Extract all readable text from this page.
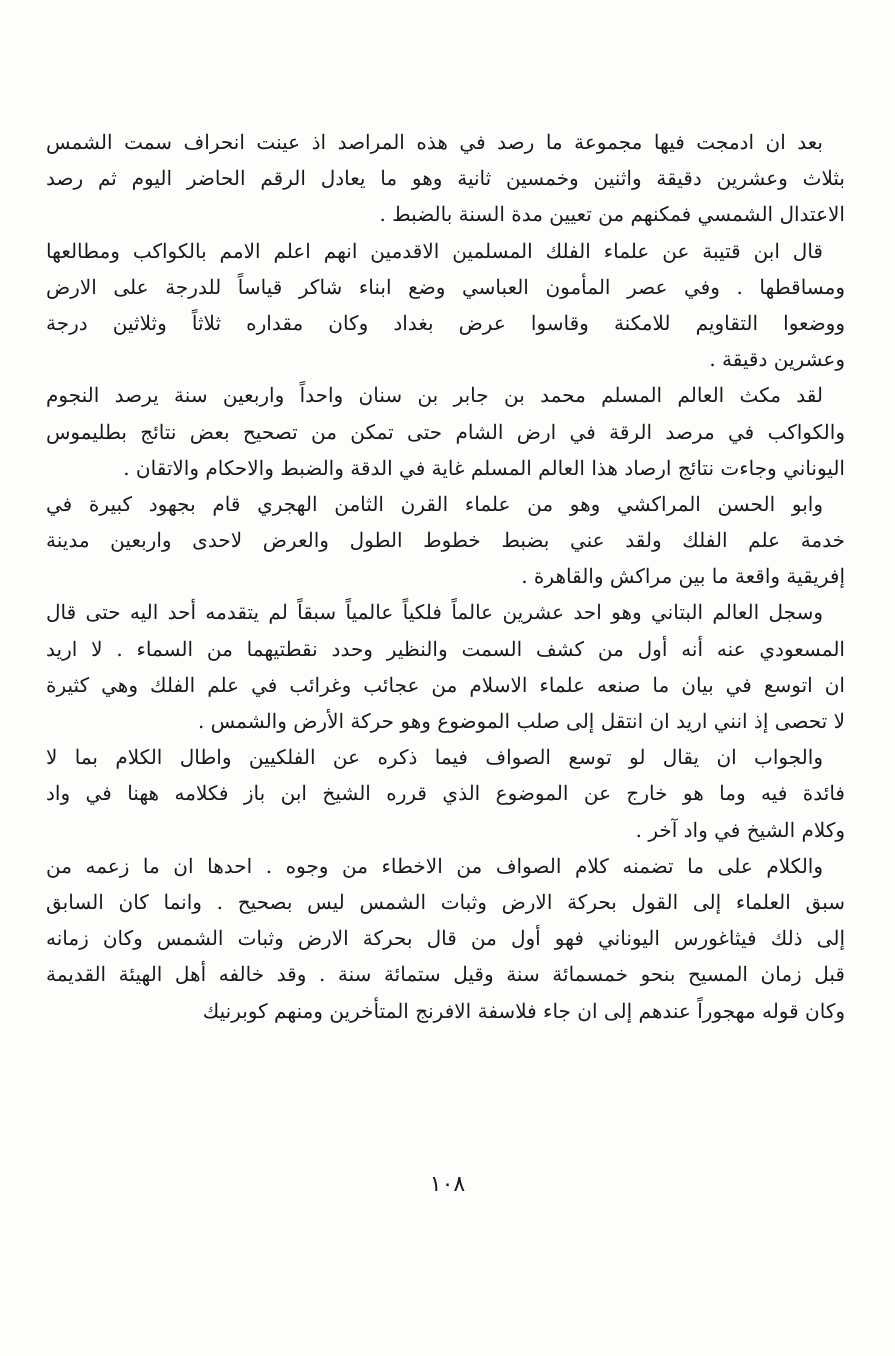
بعد ان ادمجت فيها مجموعة ما رصد في هذه المراصد اذ عينت انحراف سمت الشمس
بثلاث وعشرين دقيقة واثنين وخمسين ثانية وهو ما يعادل الرقم الحاضر اليوم ثم رصد
الاعتدال الشمسي فمكنهم من تعيين مدة السنة بالضبط .
قال ابن قتيبة عن علماء الفلك المسلمين الاقدمين انهم اعلم الامم بالكواكب ومطالعها
ومساقطها . وفي عصر المأمون العباسي وضع ابناء شاكر قياساً للدرجة على الارض
ووضعوا التقاويم للامكنة وقاسوا عرض بغداد وكان مقداره ثلاثاً وثلاثين درجة
وعشرين دقيقة .
لقد مكث العالم المسلم محمد بن جابر بن سنان واحداً واربعين سنة يرصد النجوم
والكواكب في مرصد الرقة في ارض الشام حتى تمكن من تصحيح بعض نتائج بطليموس
اليوناني وجاءت نتائج ارصاد هذا العالم المسلم غاية في الدقة والضبط والاحكام والاتقان .
وابو الحسن المراكشي وهو من علماء القرن الثامن الهجري قام بجهود كبيرة في
خدمة علم الفلك ولقد عني بضبط خطوط الطول والعرض لاحدى واربعين مدينة
إفريقية واقعة ما بين مراكش والقاهرة .
وسجل العالم البتاني وهو احد عشرين عالماً فلكياً عالمياً سبقاً لم يتقدمه أحد اليه حتى قال
المسعودي عنه أنه أول من كشف السمت والنظير وحدد نقطتيهما من السماء . لا اريد
ان اتوسع في بيان ما صنعه علماء الاسلام من عجائب وغرائب في علم الفلك وهي كثيرة
لا تحصى إذ انني اريد ان انتقل إلى صلب الموضوع وهو حركة الأرض والشمس .
والجواب ان يقال لو توسع الصواف فيما ذكره عن الفلكيين واطال الكلام بما لا
فائدة فيه وما هو خارج عن الموضوع الذي قرره الشيخ ابن باز فكلامه ههنا في واد
وكلام الشيخ في واد آخر .
والكلام على ما تضمنه كلام الصواف من الاخطاء من وجوه . احدها ان ما زعمه من
سبق العلماء إلى القول بحركة الارض وثبات الشمس ليس بصحيح . وانما كان السابق
إلى ذلك فيثاغورس اليوناني فهو أول من قال بحركة الارض وثبات الشمس وكان زمانه
قبل زمان المسيح بنحو خمسمائة سنة وقيل ستمائة سنة . وقد خالفه أهل الهيئة القديمة
وكان قوله مهجوراً عندهم إلى ان جاء فلاسفة الافرنج المتأخرين ومنهم كوبرنيك
١٠٨
